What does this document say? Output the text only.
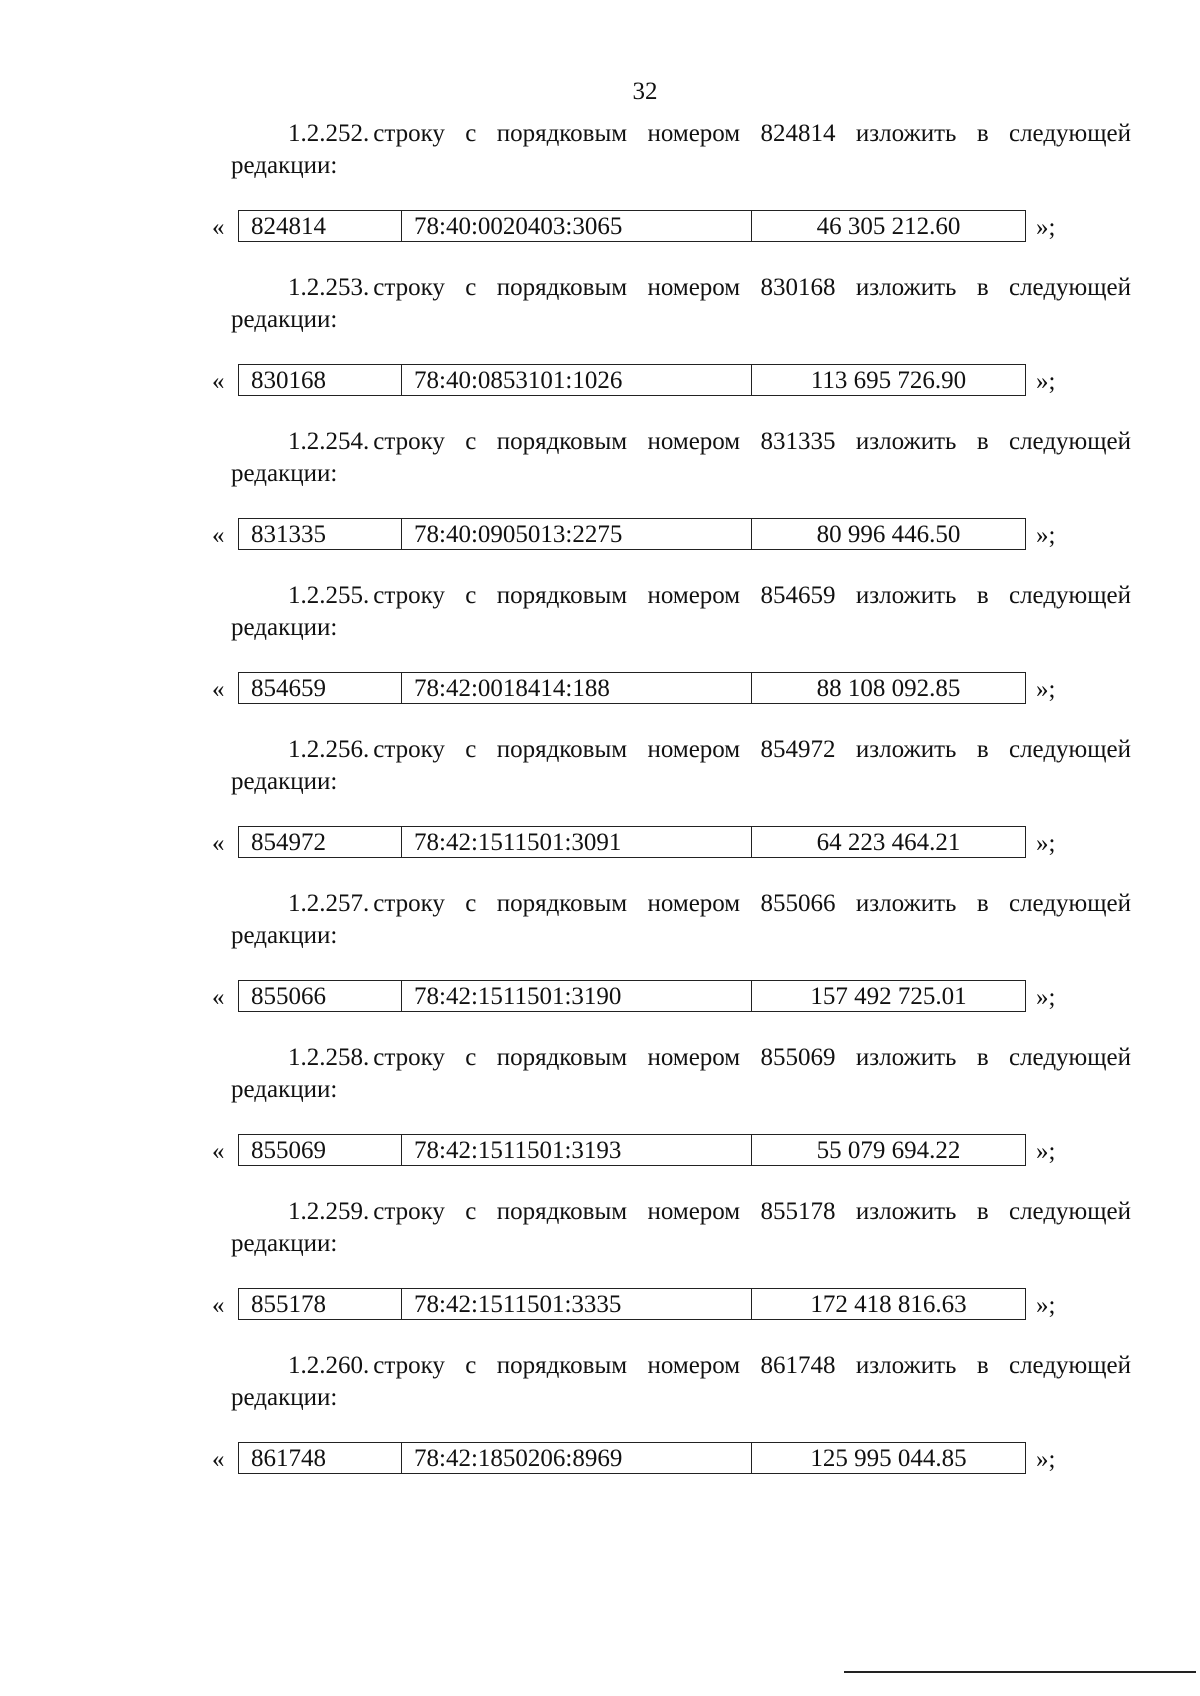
32
1.2.252. строку с порядковым номером 824814 изложить в следующей
редакции:
«	824814	78:40:0020403:3065	46 305 212.60	»;
1.2.253. строку с порядковым номером 830168 изложить в следующей
редакции:
«	830168	78:40:0853101:1026	113 695 726.90	»;
1.2.254. строку с порядковым номером 831335 изложить в следующей
редакции:
«	831335	78:40:0905013:2275	80 996 446.50	»;
1.2.255. строку с порядковым номером 854659 изложить в следующей
редакции:
«	854659	78:42:0018414:188	88 108 092.85	»;
1.2.256. строку с порядковым номером 854972 изложить в следующей
редакции:
«	854972	78:42:1511501:3091	64 223 464.21	»;
1.2.257. строку с порядковым номером 855066 изложить в следующей
редакции:
«	855066	78:42:1511501:3190	157 492 725.01	»;
1.2.258. строку с порядковым номером 855069 изложить в следующей
редакции:
«	855069	78:42:1511501:3193	55 079 694.22	»;
1.2.259. строку с порядковым номером 855178 изложить в следующей
редакции:
«	855178	78:42:1511501:3335	172 418 816.63	»;
1.2.260. строку с порядковым номером 861748 изложить в следующей
редакции:
«	861748	78:42:1850206:8969	125 995 044.85	»;
